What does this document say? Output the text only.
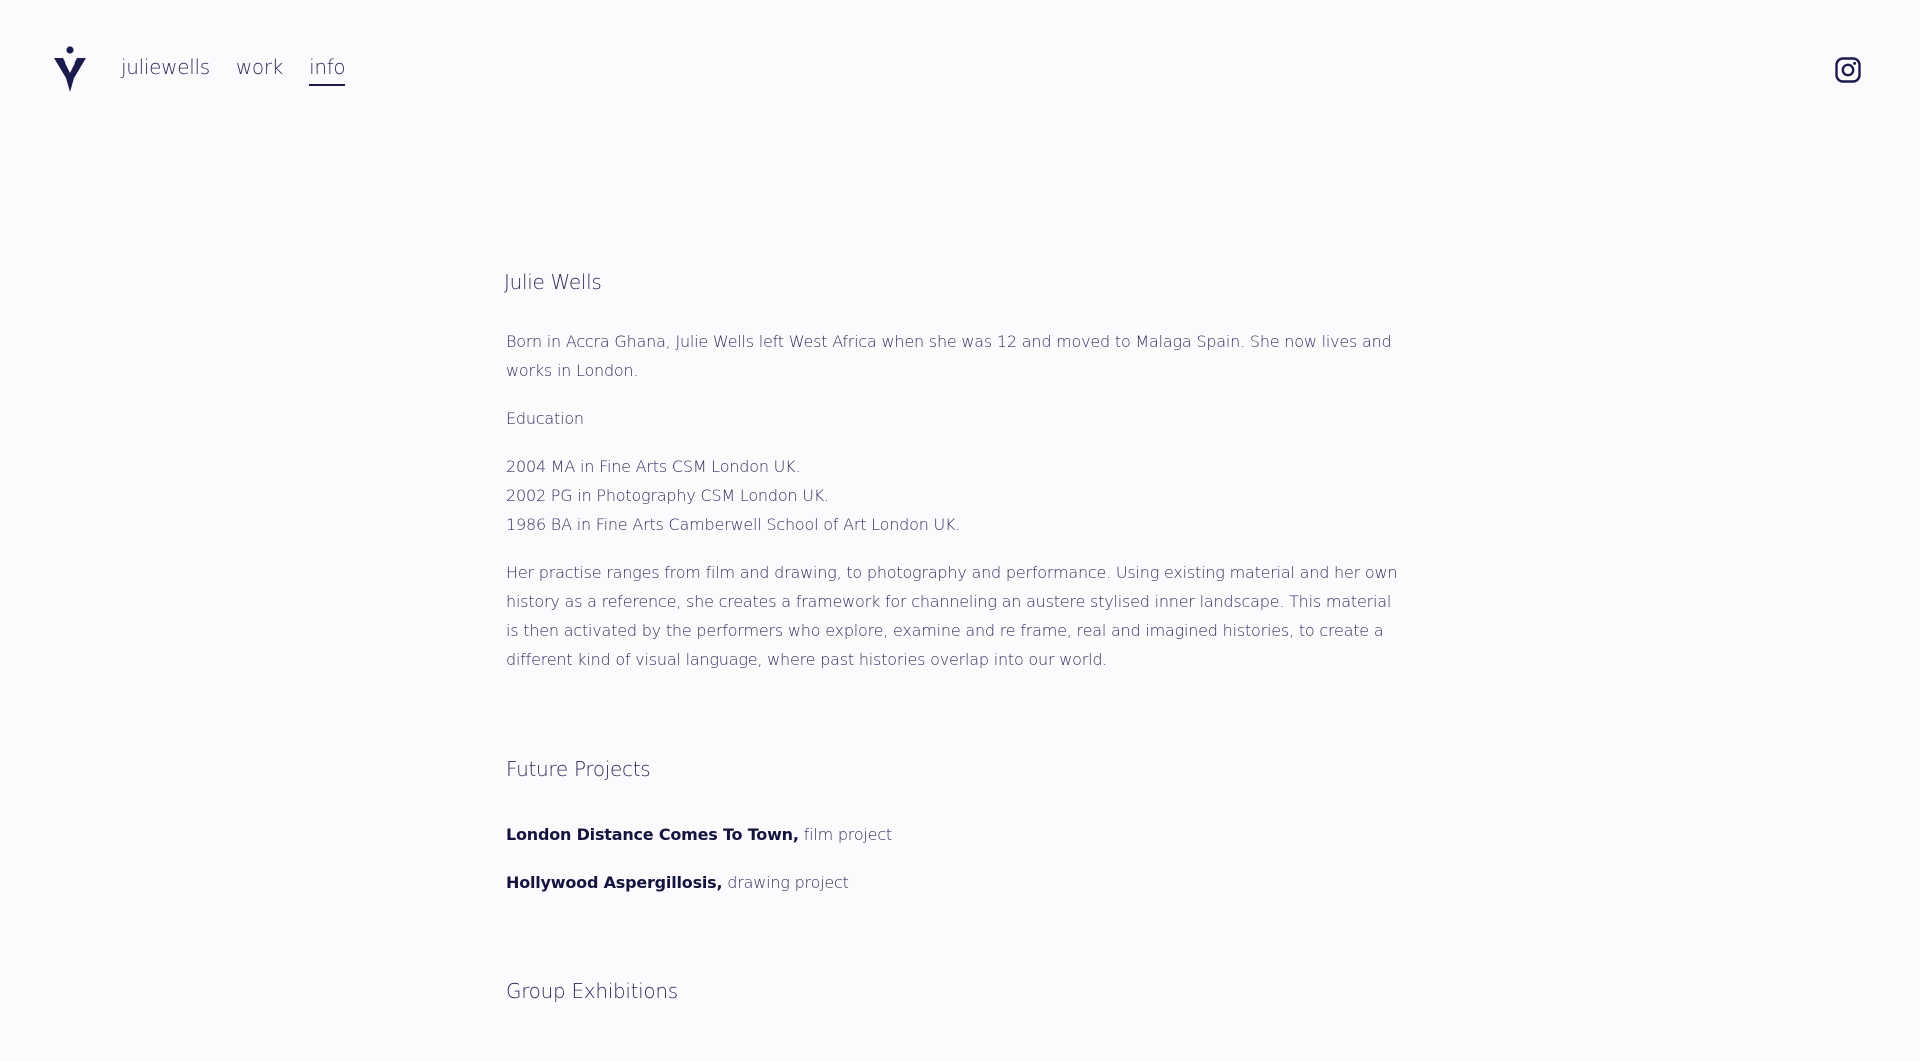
juliewells work info
Julie Wells

Born in Accra Ghana, Julie Wells left West Africa when she was 12 and moved to Malaga Spain. She now lives and works in London.

Education

2004 MA in Fine Arts CSM London UK.
2002 PG in Photography CSM London UK.
1986 BA in Fine Arts Camberwell School of Art London UK.

Her practise ranges from film and drawing, to photography and performance. Using existing material and her own history as a reference, she creates a framework for channeling an austere stylised inner landscape. This material is then activated by the performers who explore, examine and re frame, real and imagined histories, to create a different kind of visual language, where past histories overlap into our world.

Future Projects

London Distance Comes To Town, film project

Hollywood Aspergillosis, drawing project

Group Exhibitions
